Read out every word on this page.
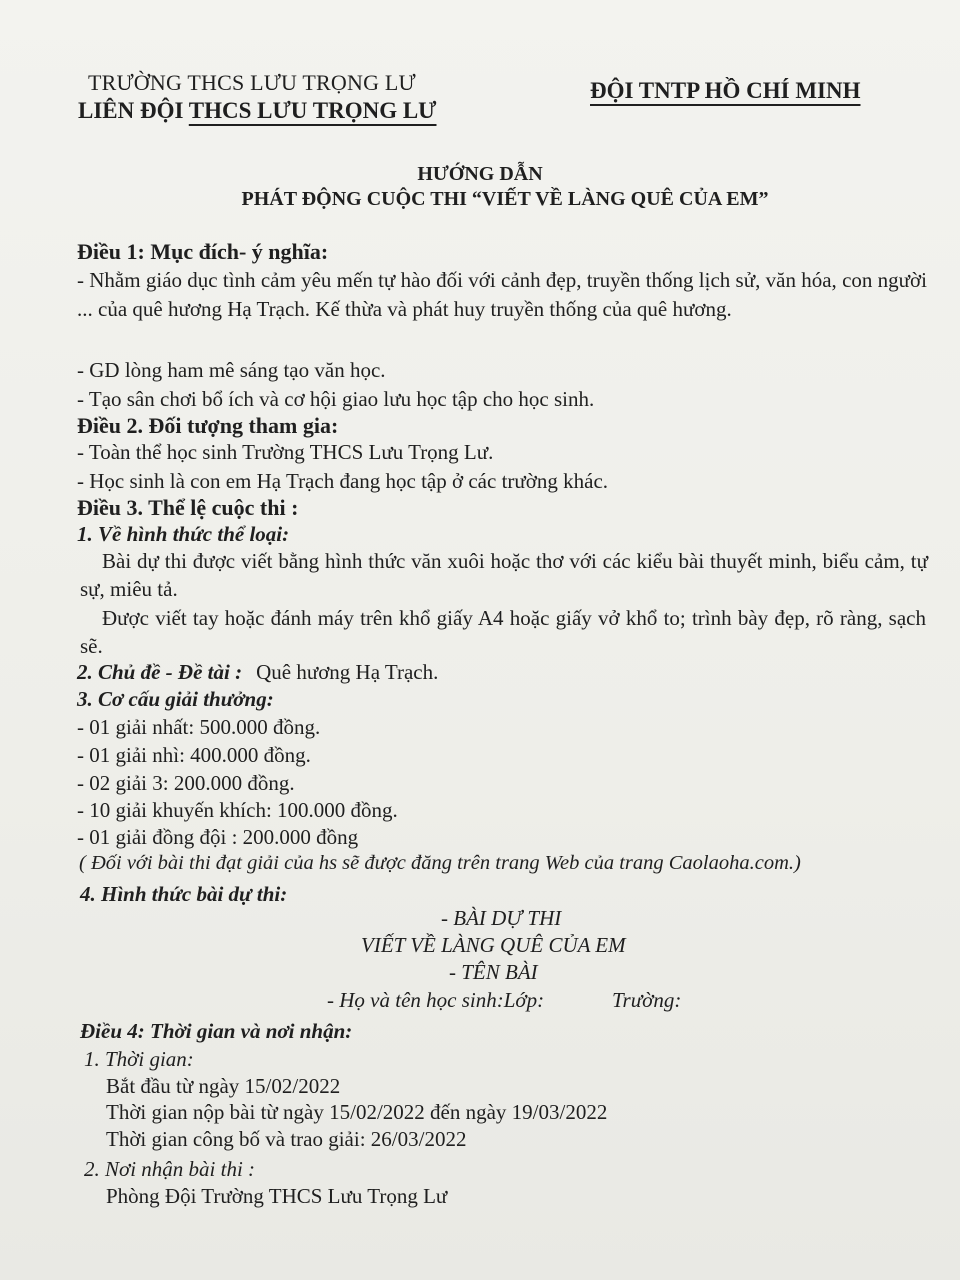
TRƯỜNG THCS LƯU TRỌNG LƯ
LIÊN ĐỘI THCS LƯU TRỌNG LƯ
ĐỘI TNTP HỒ CHÍ MINH
HƯỚNG DẪN
PHÁT ĐỘNG CUỘC THI “VIẾT VỀ LÀNG QUÊ CỦA EM”
Điều 1: Mục đích- ý nghĩa:
- Nhằm giáo dục tình cảm yêu mến tự hào đối với cảnh đẹp, truyền thống lịch sử, văn hóa, con người ... của quê hương Hạ Trạch. Kế thừa và phát huy truyền thống của quê hương.
- GD lòng ham mê sáng tạo văn học.
- Tạo sân chơi bổ ích và cơ hội giao lưu học tập cho học sinh.
Điều 2. Đối tượng tham gia:
- Toàn thể học sinh Trường THCS Lưu Trọng Lư.
- Học sinh là con em Hạ Trạch đang học tập ở các trường khác.
Điều 3. Thể lệ cuộc thi :
1. Về hình thức thể loại:
Bài dự thi được viết bằng hình thức văn xuôi hoặc thơ với các kiểu bài thuyết minh, biểu cảm, tự sự, miêu tả.
Được viết tay hoặc đánh máy trên khổ giấy A4 hoặc giấy vở khổ to; trình bày đẹp, rõ ràng, sạch sẽ.
2. Chủ đề - Đề tài : Quê hương Hạ Trạch.
3. Cơ cấu giải thưởng:
- 01 giải nhất: 500.000 đồng.
- 01 giải nhì: 400.000 đồng.
- 02 giải 3: 200.000 đồng.
- 10 giải khuyến khích: 100.000 đồng.
- 01 giải đồng đội : 200.000 đồng
( Đối với bài thi đạt giải của hs sẽ được đăng trên trang Web của trang Caolaoha.com.)
4. Hình thức bài dự thi:
- BÀI DỰ THI
VIẾT VỀ LÀNG QUÊ CỦA EM
- TÊN BÀI
- Họ và tên học sinh:Lớp:	Trường:
Điều 4: Thời gian và nơi nhận:
1. Thời gian:
Bắt đầu từ ngày 15/02/2022
Thời gian nộp bài từ ngày 15/02/2022 đến ngày 19/03/2022
Thời gian công bố và trao giải: 26/03/2022
2. Nơi nhận bài thi :
Phòng Đội Trường THCS Lưu Trọng Lư
